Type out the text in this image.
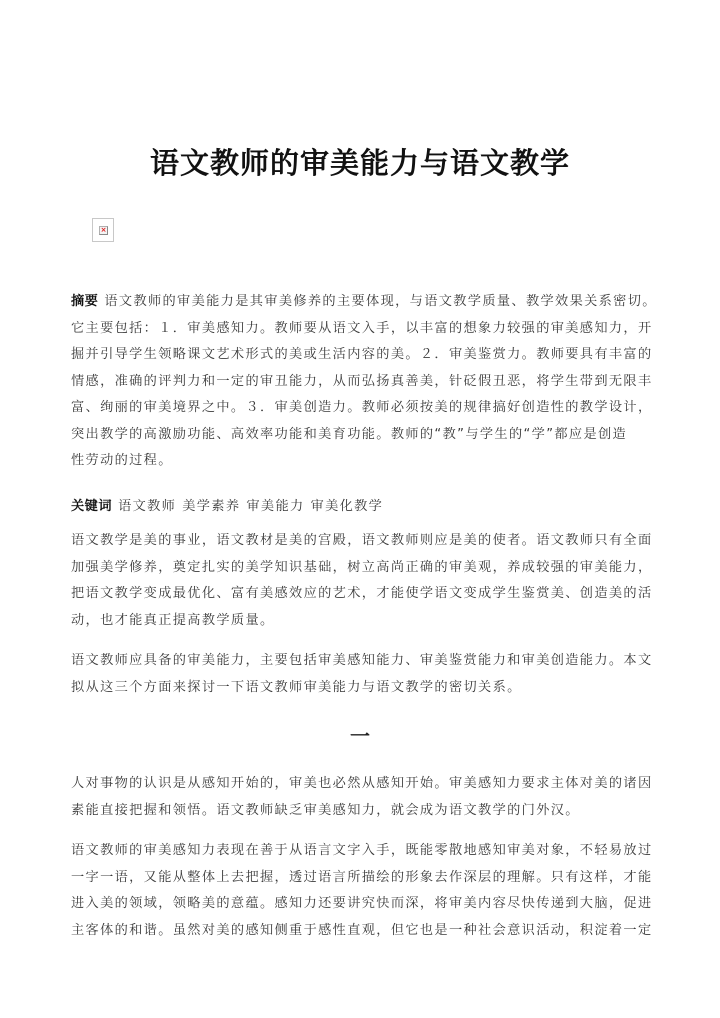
语文教师的审美能力与语文教学
×
摘要 语文教师的审美能力是其审美修养的主要体现，与语文教学质量、教学效果关系密切。
它主要包括：１．审美感知力。教师要从语文入手，以丰富的想象力较强的审美感知力，开
掘并引导学生领略课文艺术形式的美或生活内容的美。２．审美鉴赏力。教师要具有丰富的
情感，准确的评判力和一定的审丑能力，从而弘扬真善美，针砭假丑恶，将学生带到无限丰
富、绚丽的审美境界之中。３．审美创造力。教师必须按美的规律搞好创造性的教学设计，
突出教学的高激励功能、高效率功能和美育功能。教师的“教”与学生的“学”都应是创造
性劳动的过程。
关键词 语文教师 美学素养 审美能力 审美化教学
语文教学是美的事业，语文教材是美的宫殿，语文教师则应是美的使者。语文教师只有全面
加强美学修养，奠定扎实的美学知识基础，树立高尚正确的审美观，养成较强的审美能力，
把语文教学变成最优化、富有美感效应的艺术，才能使学语文变成学生鉴赏美、创造美的活
动，也才能真正提高教学质量。
语文教师应具备的审美能力，主要包括审美感知能力、审美鉴赏能力和审美创造能力。本文
拟从这三个方面来探讨一下语文教师审美能力与语文教学的密切关系。
一
人对事物的认识是从感知开始的，审美也必然从感知开始。审美感知力要求主体对美的诸因
素能直接把握和领悟。语文教师缺乏审美感知力，就会成为语文教学的门外汉。
语文教师的审美感知力表现在善于从语言文字入手，既能零散地感知审美对象，不轻易放过
一字一语，又能从整体上去把握，透过语言所描绘的形象去作深层的理解。只有这样，才能
进入美的领域，领略美的意蕴。感知力还要讲究快而深，将审美内容尽快传递到大脑，促进
主客体的和谐。虽然对美的感知侧重于感性直观，但它也是一种社会意识活动，积淀着一定
